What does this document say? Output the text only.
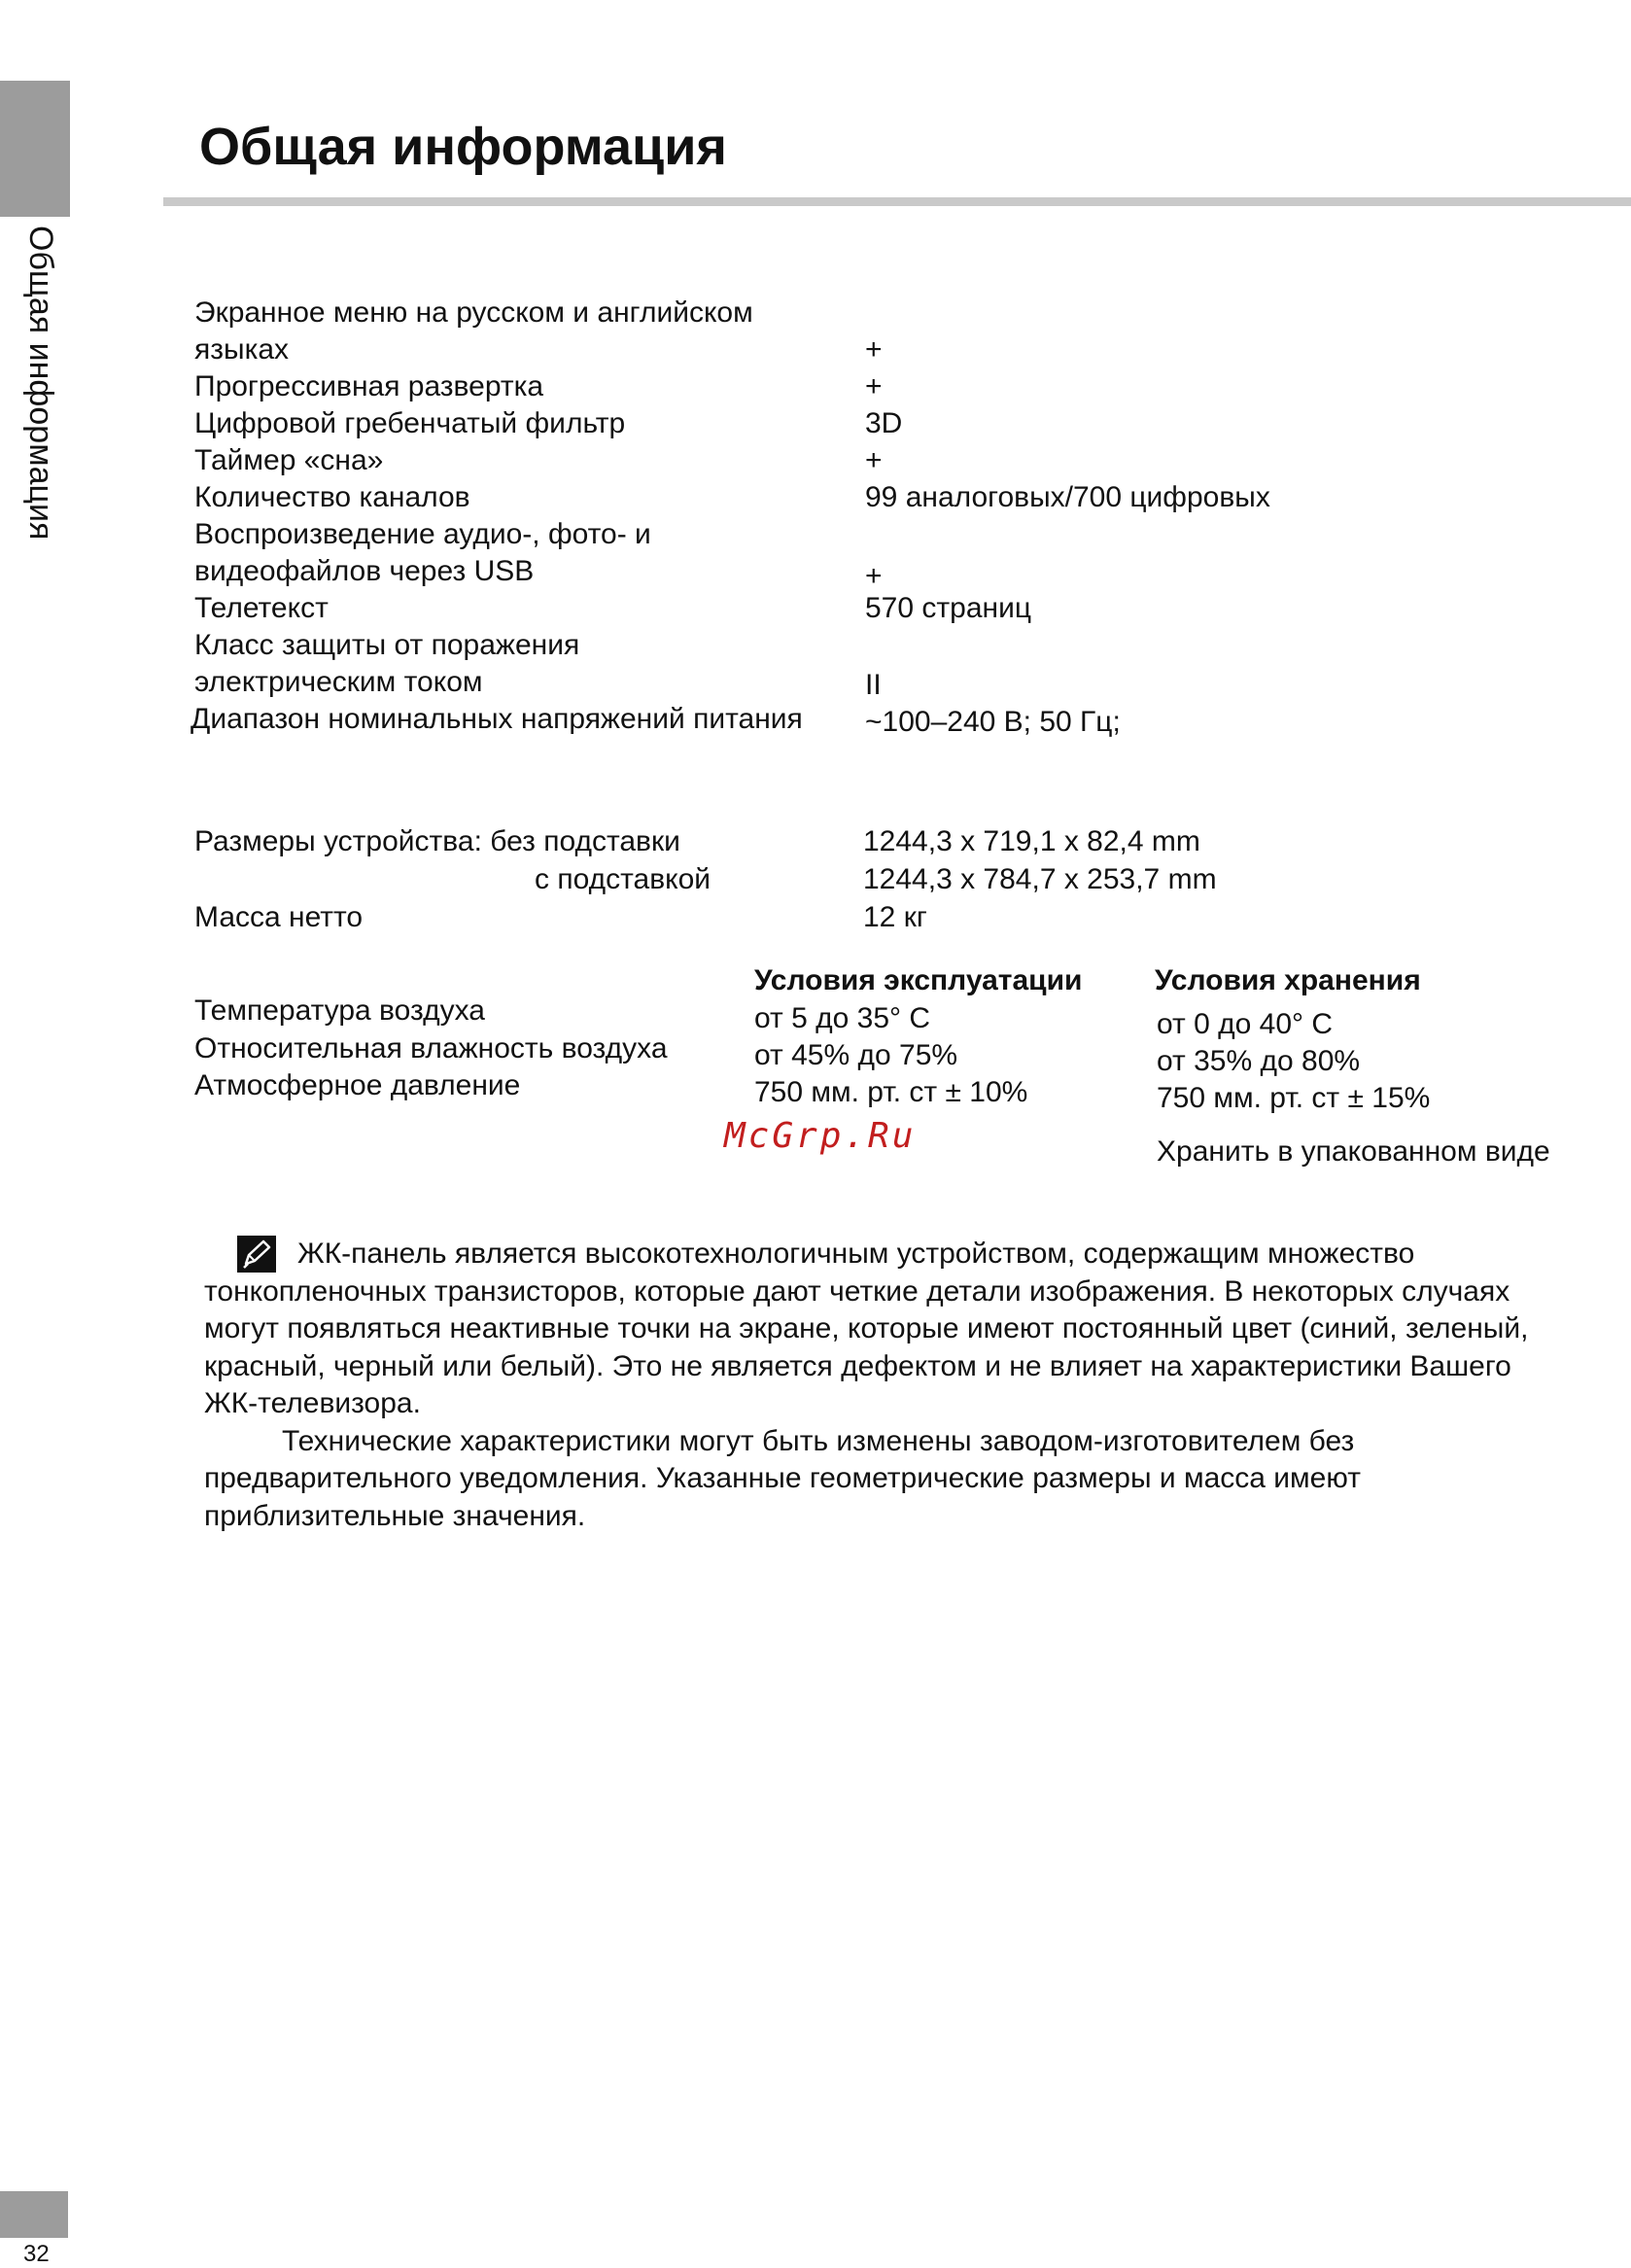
Общая информация
Общая информация
Экранное меню на русском и английском
языках	+
Прогрессивная развертка	+
Цифровой гребенчатый фильтр	3D
Таймер «сна»	+
Количество каналов	99 аналоговых/700 цифровых
Воспроизведение аудио-, фото- и
видеофайлов через USB	+
Телетекст	570 страниц
Класс защиты от поражения
электрическим током	II
Диапазон номинальных напряжений питания ~100–240 В; 50 Гц;
Размеры устройства: без подставки	1244,3 x 719,1 x 82,4 mm
с подставкой	1244,3 x 784,7 x 253,7 mm
Масса нетто	12 кг
Условия эксплуатации Условия хранения
Температура воздуха	от 5 до 35° С	от 0 до 40° С
Относительная влажность воздуха	от 45% до 75%	от 35% до 80%
Атмосферное давление	750 мм. рт. ст ± 10%	750 мм. рт. ст ± 15%
Хранить в упакованном виде
McGrp.Ru

ЖК-панель является высокотехнологичным устройством, содержащим множество тонкопленочных транзисторов, которые дают четкие детали изображения. В некоторых случаях могут появляться неактивные точки на экране, которые имеют постоянный цвет (синий, зеленый, красный, черный или белый). Это не является дефектом и не влияет на характеристики Вашего ЖК-телевизора.

Технические характеристики могут быть изменены заводом-изготовителем без предварительного уведомления. Указанные геометрические размеры и масса имеют приблизительные значения.

32
